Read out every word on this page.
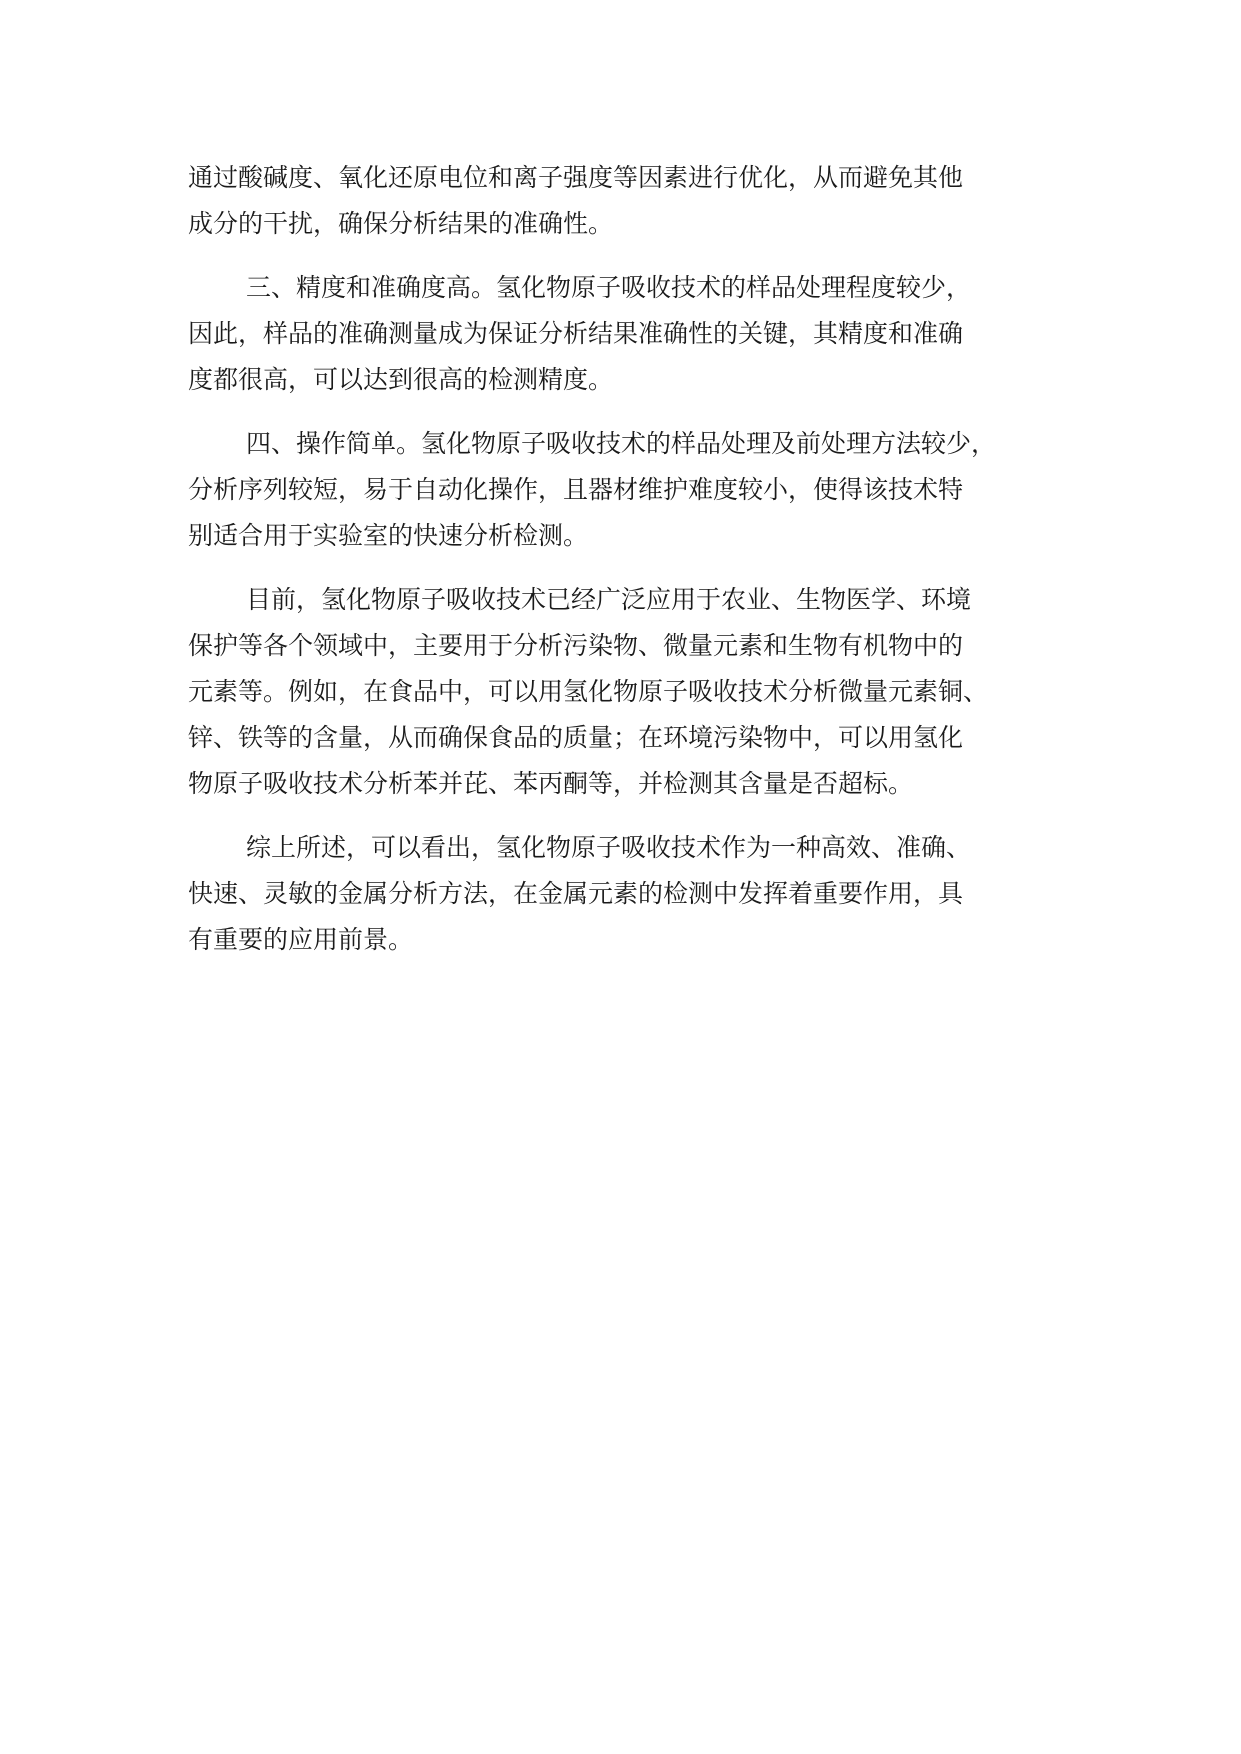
通过酸碱度、氧化还原电位和离子强度等因素进行优化，从而避免其他
成分的干扰，确保分析结果的准确性。

三、精度和准确度高。氢化物原子吸收技术的样品处理程度较少，
因此，样品的准确测量成为保证分析结果准确性的关键，其精度和准确
度都很高，可以达到很高的检测精度。

四、操作简单。氢化物原子吸收技术的样品处理及前处理方法较少，
分析序列较短，易于自动化操作，且器材维护难度较小，使得该技术特
别适合用于实验室的快速分析检测。

目前，氢化物原子吸收技术已经广泛应用于农业、生物医学、环境
保护等各个领域中，主要用于分析污染物、微量元素和生物有机物中的
元素等。例如，在食品中，可以用氢化物原子吸收技术分析微量元素铜、
锌、铁等的含量，从而确保食品的质量；在环境污染物中，可以用氢化
物原子吸收技术分析苯并芘、苯丙酮等，并检测其含量是否超标。

综上所述，可以看出，氢化物原子吸收技术作为一种高效、准确、
快速、灵敏的金属分析方法，在金属元素的检测中发挥着重要作用，具
有重要的应用前景。
